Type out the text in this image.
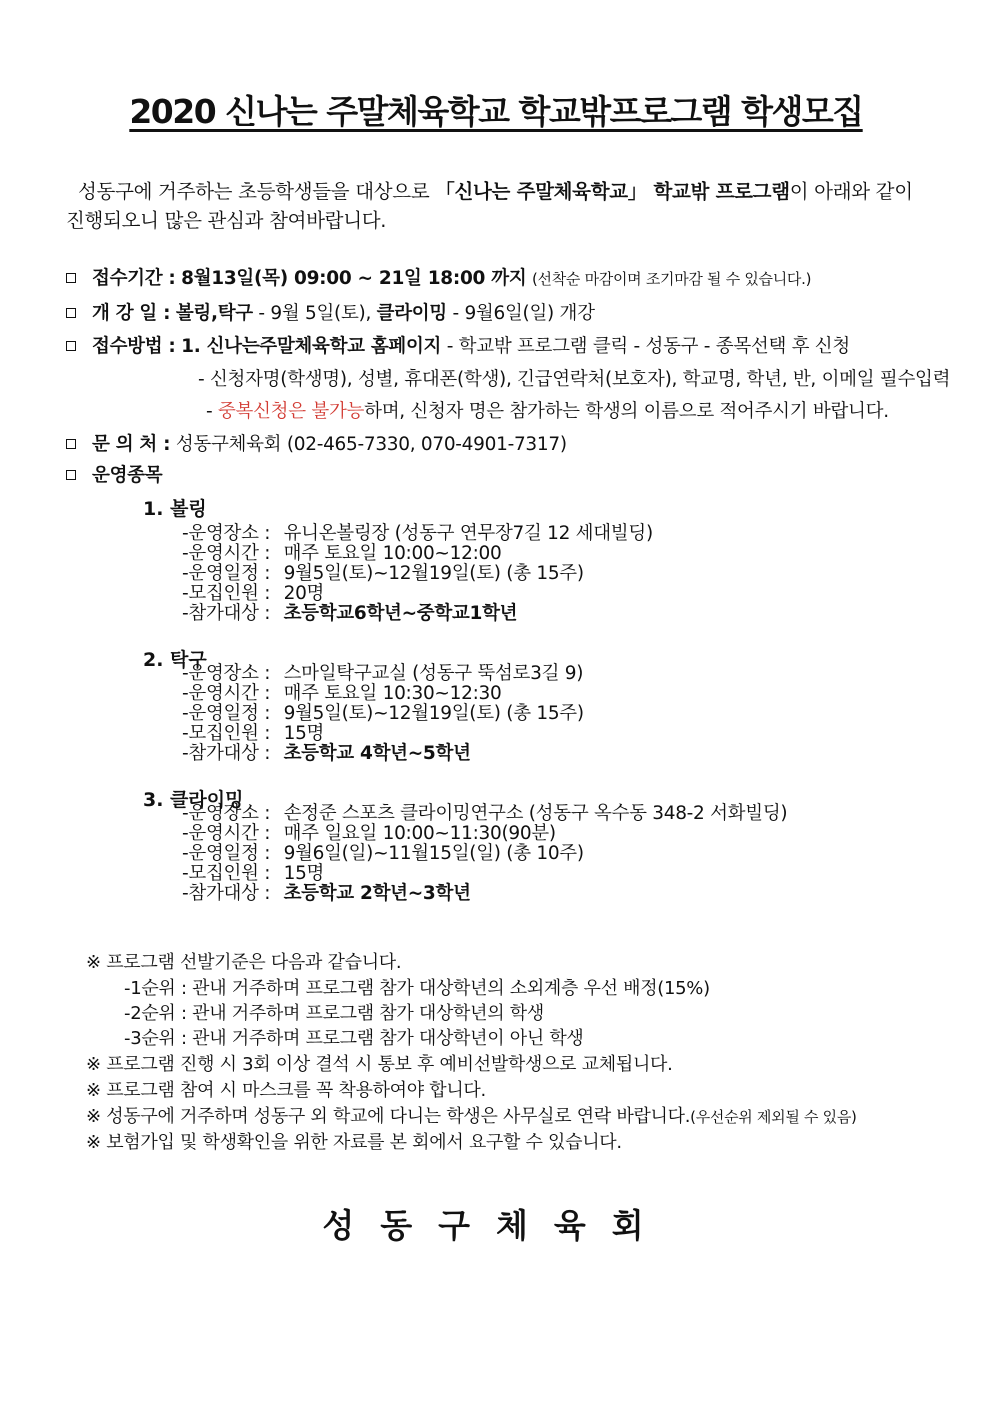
2020 신나는 주말체육학교 학교밖프로그램 학생모집
성동구에 거주하는 초등학생들을 대상으로 「신나는 주말체육학교」 학교밖 프로그램이 아래와 같이
진행되오니 많은 관심과 참여바랍니다.
접수기간 : 8월13일(목) 09:00 ~ 21일 18:00 까지 (선착순 마감이며 조기마감 될 수 있습니다.)
개 강 일 : 볼링,탁구 - 9월 5일(토), 클라이밍 - 9월6일(일) 개강
접수방법 : 1. 신나는주말체육학교 홈페이지 - 학교밖 프로그램 클릭 - 성동구 - 종목선택 후 신청
- 신청자명(학생명), 성별, 휴대폰(학생), 긴급연락처(보호자), 학교명, 학년, 반, 이메일 필수입력
- 중복신청은 불가능하며, 신청자 명은 참가하는 학생의 이름으로 적어주시기 바랍니다.
문 의 처 : 성동구체육회 (02-465-7330, 070-4901-7317)
운영종목
1. 볼링
-운영장소 : 유니온볼링장 (성동구 연무장7길 12 세대빌딩)
-운영시간 : 매주 토요일 10:00~12:00
-운영일정 : 9월5일(토)~12월19일(토) (총 15주)
-모집인원 : 20명
-참가대상 : 초등학교6학년~중학교1학년
2. 탁구
-운영장소 : 스마일탁구교실 (성동구 뚝섬로3길 9)
-운영시간 : 매주 토요일 10:30~12:30
-운영일정 : 9월5일(토)~12월19일(토) (총 15주)
-모집인원 : 15명
-참가대상 : 초등학교 4학년~5학년
3. 클라이밍
-운영장소 : 손정준 스포츠 클라이밍연구소 (성동구 옥수동 348-2 서화빌딩)
-운영시간 : 매주 일요일 10:00~11:30(90분)
-운영일정 : 9월6일(일)~11월15일(일) (총 10주)
-모집인원 : 15명
-참가대상 : 초등학교 2학년~3학년
※ 프로그램 선발기준은 다음과 같습니다.
-1순위 : 관내 거주하며 프로그램 참가 대상학년의 소외계층 우선 배정(15%)
-2순위 : 관내 거주하며 프로그램 참가 대상학년의 학생
-3순위 : 관내 거주하며 프로그램 참가 대상학년이 아닌 학생
※ 프로그램 진행 시 3회 이상 결석 시 통보 후 예비선발학생으로 교체됩니다.
※ 프로그램 참여 시 마스크를 꼭 착용하여야 합니다.
※ 성동구에 거주하며 성동구 외 학교에 다니는 학생은 사무실로 연락 바랍니다.(우선순위 제외될 수 있음)
※ 보험가입 및 학생확인을 위한 자료를 본 회에서 요구할 수 있습니다.
성동구체육회
